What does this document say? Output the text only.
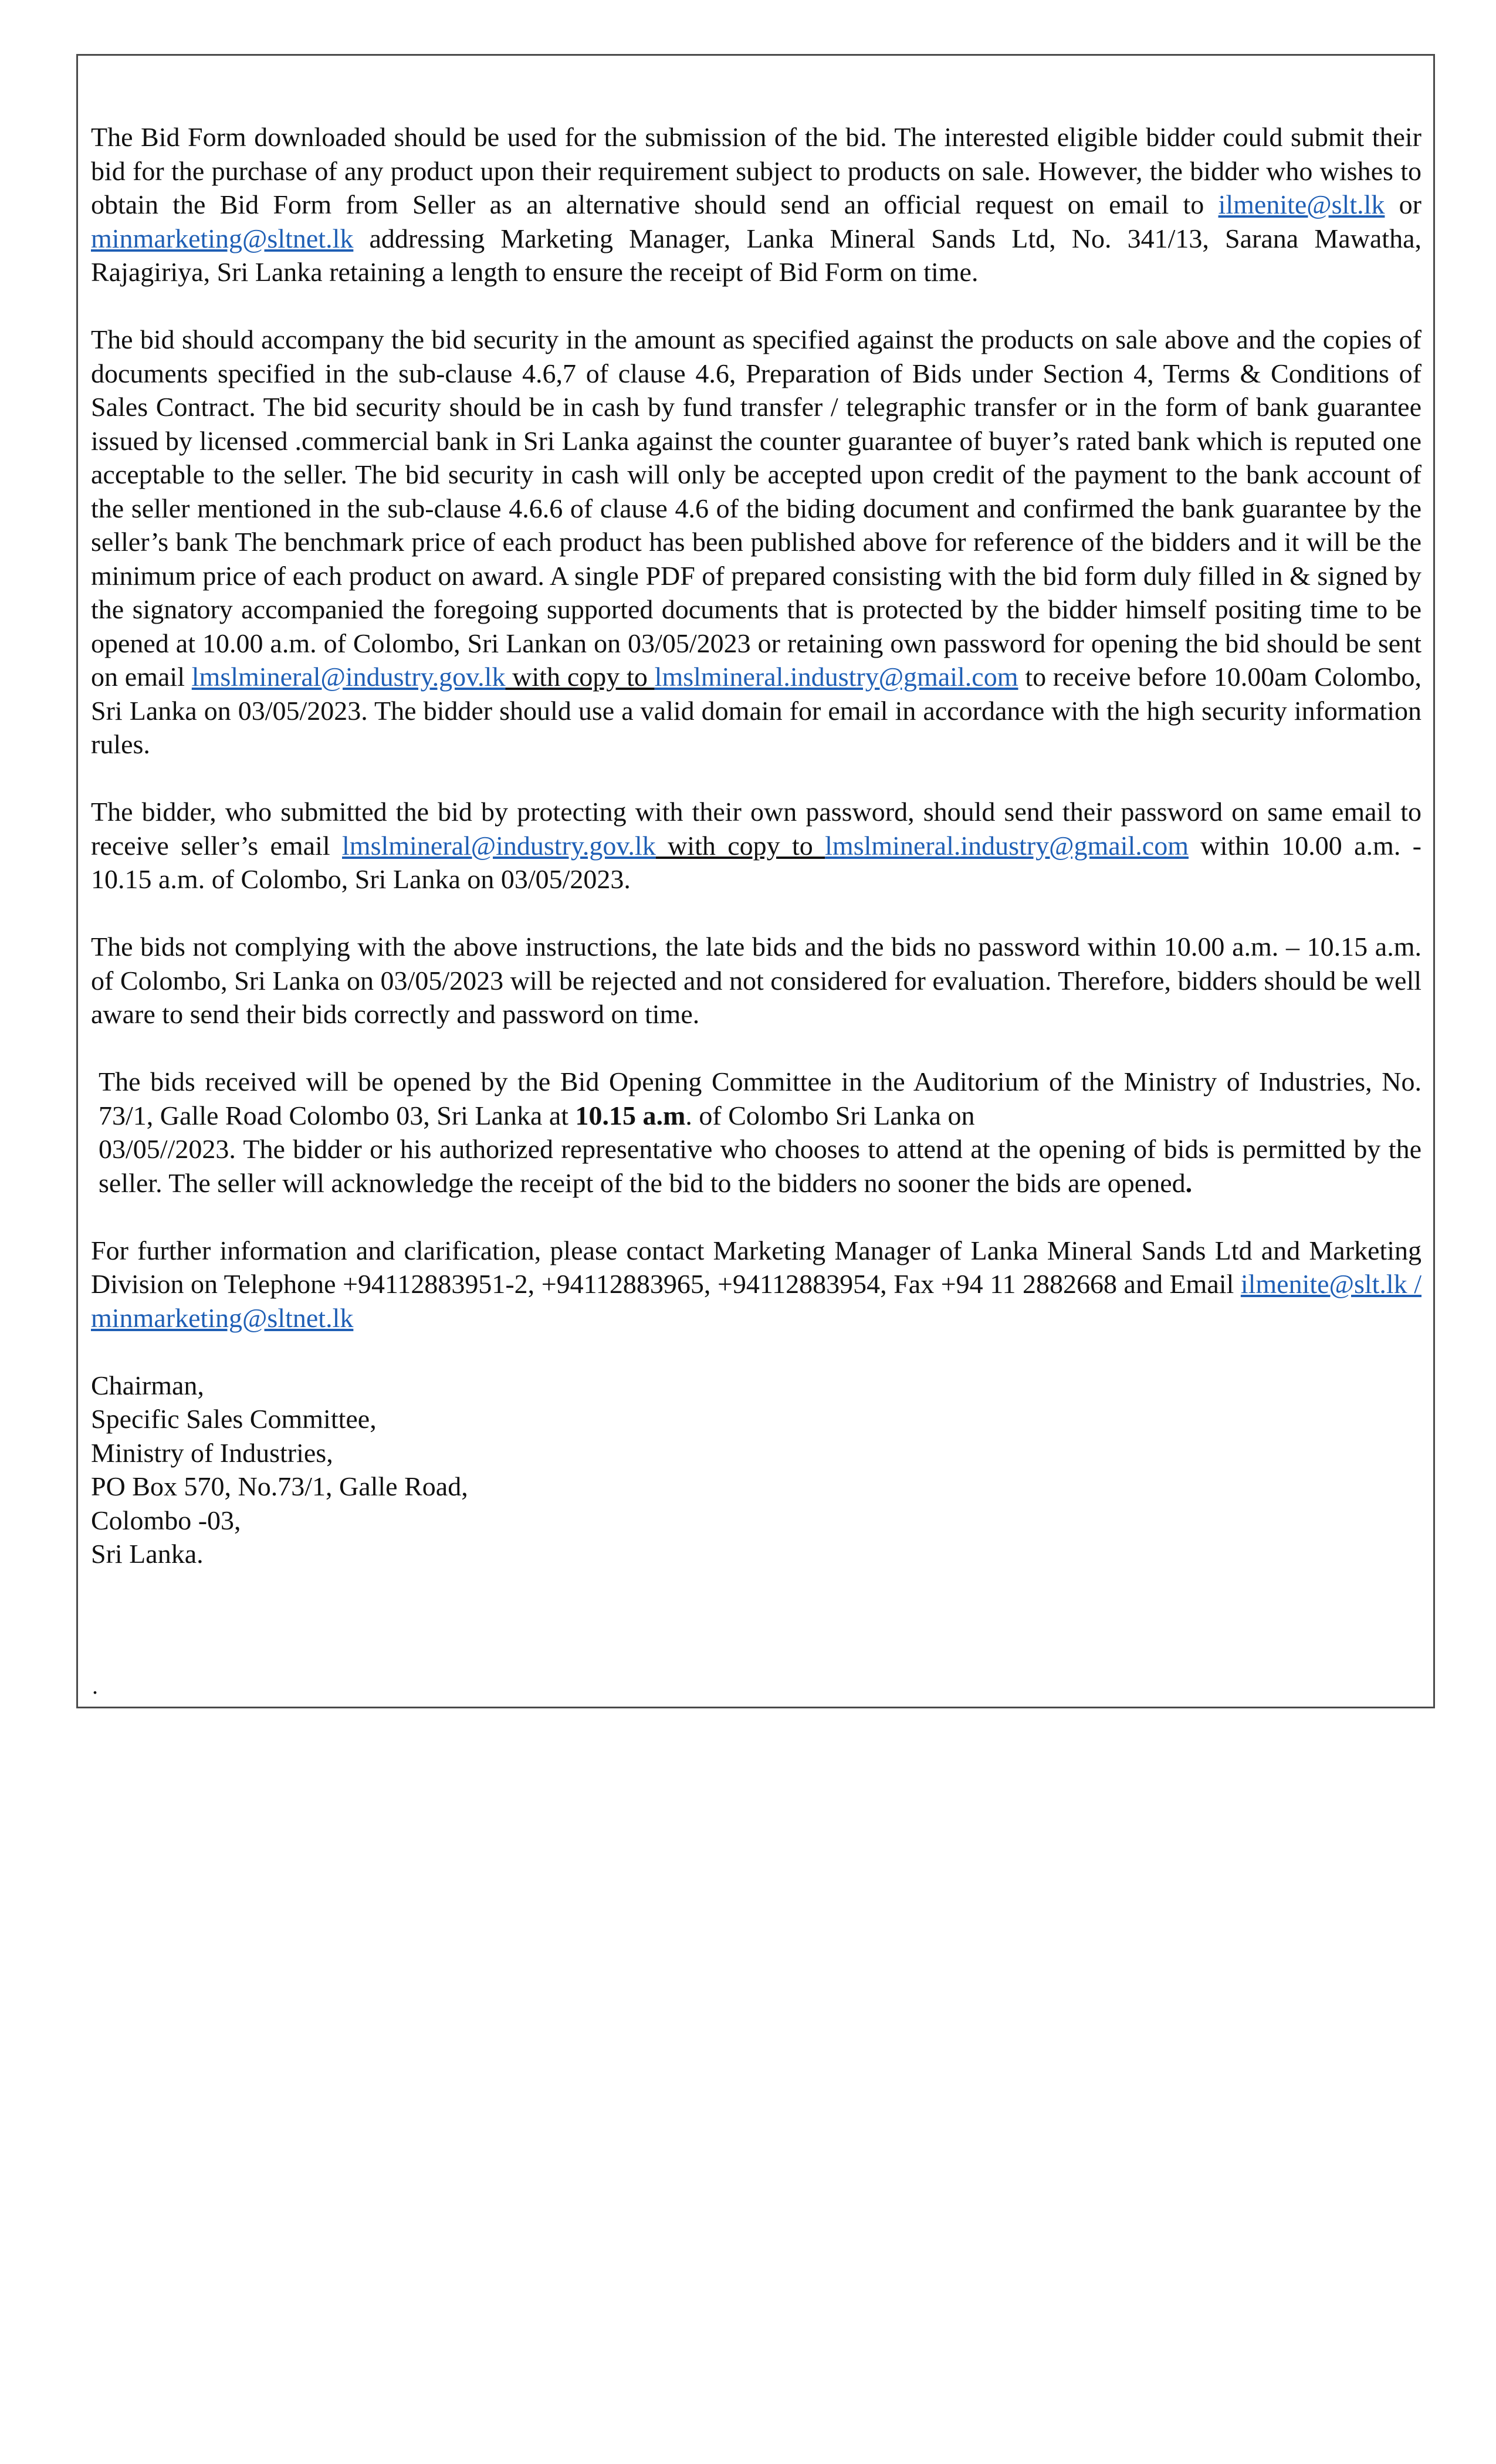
The Bid Form downloaded should be used for the submission of the bid. The interested eligible bidder could submit their bid for the purchase of any product upon their requirement subject to products on sale. However, the bidder who wishes to obtain the Bid Form from Seller as an alternative should send an official request on email to ilmenite@slt.lk or minmarketing@sltnet.lk addressing Marketing Manager, Lanka Mineral Sands Ltd, No. 341/13, Sarana Mawatha, Rajagiriya, Sri Lanka retaining a length to ensure the receipt of Bid Form on time.

The bid should accompany the bid security in the amount as specified against the products on sale above and the copies of documents specified in the sub-clause 4.6,7 of clause 4.6, Preparation of Bids under Section 4, Terms & Conditions of Sales Contract. The bid security should be in cash by fund transfer / telegraphic transfer or in the form of bank guarantee issued by licensed .commercial bank in Sri Lanka against the counter guarantee of buyer’s rated bank which is reputed one acceptable to the seller. The bid security in cash will only be accepted upon credit of the payment to the bank account of the seller mentioned in the sub-clause 4.6.6 of clause 4.6 of the biding document and confirmed the bank guarantee by the seller’s bank The benchmark price of each product has been published above for reference of the bidders and it will be the minimum price of each product on award. A single PDF of prepared consisting with the bid form duly filled in & signed by the signatory accompanied the foregoing supported documents that is protected by the bidder himself positing time to be opened at 10.00 a.m. of Colombo, Sri Lankan on 03/05/2023 or retaining own password for opening the bid should be sent on email lmslmineral@industry.gov.lk with copy to lmslmineral.industry@gmail.com to receive before 10.00am Colombo, Sri Lanka on 03/05/2023. The bidder should use a valid domain for email in accordance with the high security information rules.

The bidder, who submitted the bid by protecting with their own password, should send their password on same email to receive seller’s email lmslmineral@industry.gov.lk with copy to lmslmineral.industry@gmail.com within 10.00 a.m. - 10.15 a.m. of Colombo, Sri Lanka on 03/05/2023.

The bids not complying with the above instructions, the late bids and the bids no password within 10.00 a.m. – 10.15 a.m. of Colombo, Sri Lanka on 03/05/2023 will be rejected and not considered for evaluation. Therefore, bidders should be well aware to send their bids correctly and password on time.

The bids received will be opened by the Bid Opening Committee in the Auditorium of the Ministry of Industries, No. 73/1, Galle Road Colombo 03, Sri Lanka at 10.15 a.m. of Colombo Sri Lanka on
03/05//2023. The bidder or his authorized representative who chooses to attend at the opening of bids is permitted by the seller. The seller will acknowledge the receipt of the bid to the bidders no sooner the bids are opened.

For further information and clarification, please contact Marketing Manager of Lanka Mineral Sands Ltd and Marketing Division on Telephone +94112883951-2, +94112883965, +94112883954, Fax +94 11 2882668 and Email ilmenite@slt.lk / minmarketing@sltnet.lk

Chairman,
Specific Sales Committee,
Ministry of Industries,
PO Box 570, No.73/1, Galle Road,
Colombo -03,
Sri Lanka.
.
